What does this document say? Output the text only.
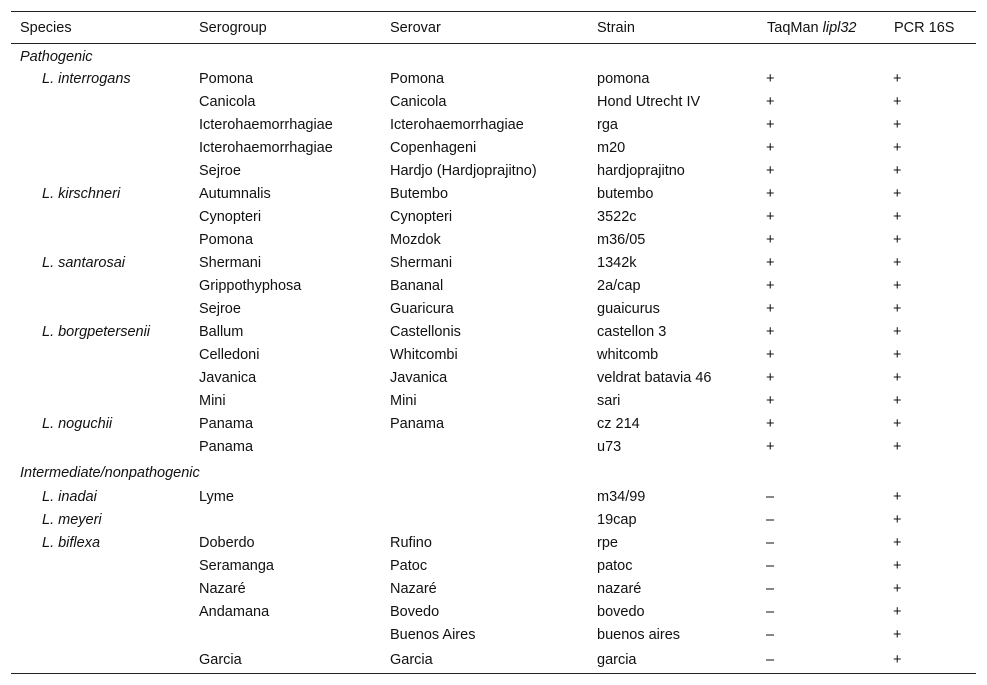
Species	Serogroup	Serovar	Strain	TaqMan lipl32	PCR 16S
Pathogenic					
L. interrogans	Pomona	Pomona	pomona	+	+
	Canicola	Canicola	Hond Utrecht IV	+	+
	Icterohaemorrhagiae	Icterohaemorrhagiae	rga	+	+
	Icterohaemorrhagiae	Copenhageni	m20	+	+
	Sejroe	Hardjo (Hardjoprajitno)	hardjoprajitno	+	+
L. kirschneri	Autumnalis	Butembo	butembo	+	+
	Cynopteri	Cynopteri	3522c	+	+
	Pomona	Mozdok	m36/05	+	+
L. santarosai	Shermani	Shermani	1342k	+	+
	Grippothyphosa	Bananal	2a/cap	+	+
	Sejroe	Guaricura	guaicurus	+	+
L. borgpetersenii	Ballum	Castellonis	castellon 3	+	+
	Celledoni	Whitcombi	whitcomb	+	+
	Javanica	Javanica	veldrat batavia 46	+	+
	Mini	Mini	sari	+	+
L. noguchii	Panama	Panama	cz 214	+	+
	Panama		u73	+	+
Intermediate/nonpathogenic					
L. inadai	Lyme		m34/99	–	+
L. meyeri			19cap	–	+
L. biflexa	Doberdo	Rufino	rpe	–	+
	Seramanga	Patoc	patoc	–	+
	Nazaré	Nazaré	nazaré	–	+
	Andamana	Bovedo	bovedo	–	+
		Buenos Aires	buenos aires	–	+
	Garcia	Garcia	garcia	–	+
